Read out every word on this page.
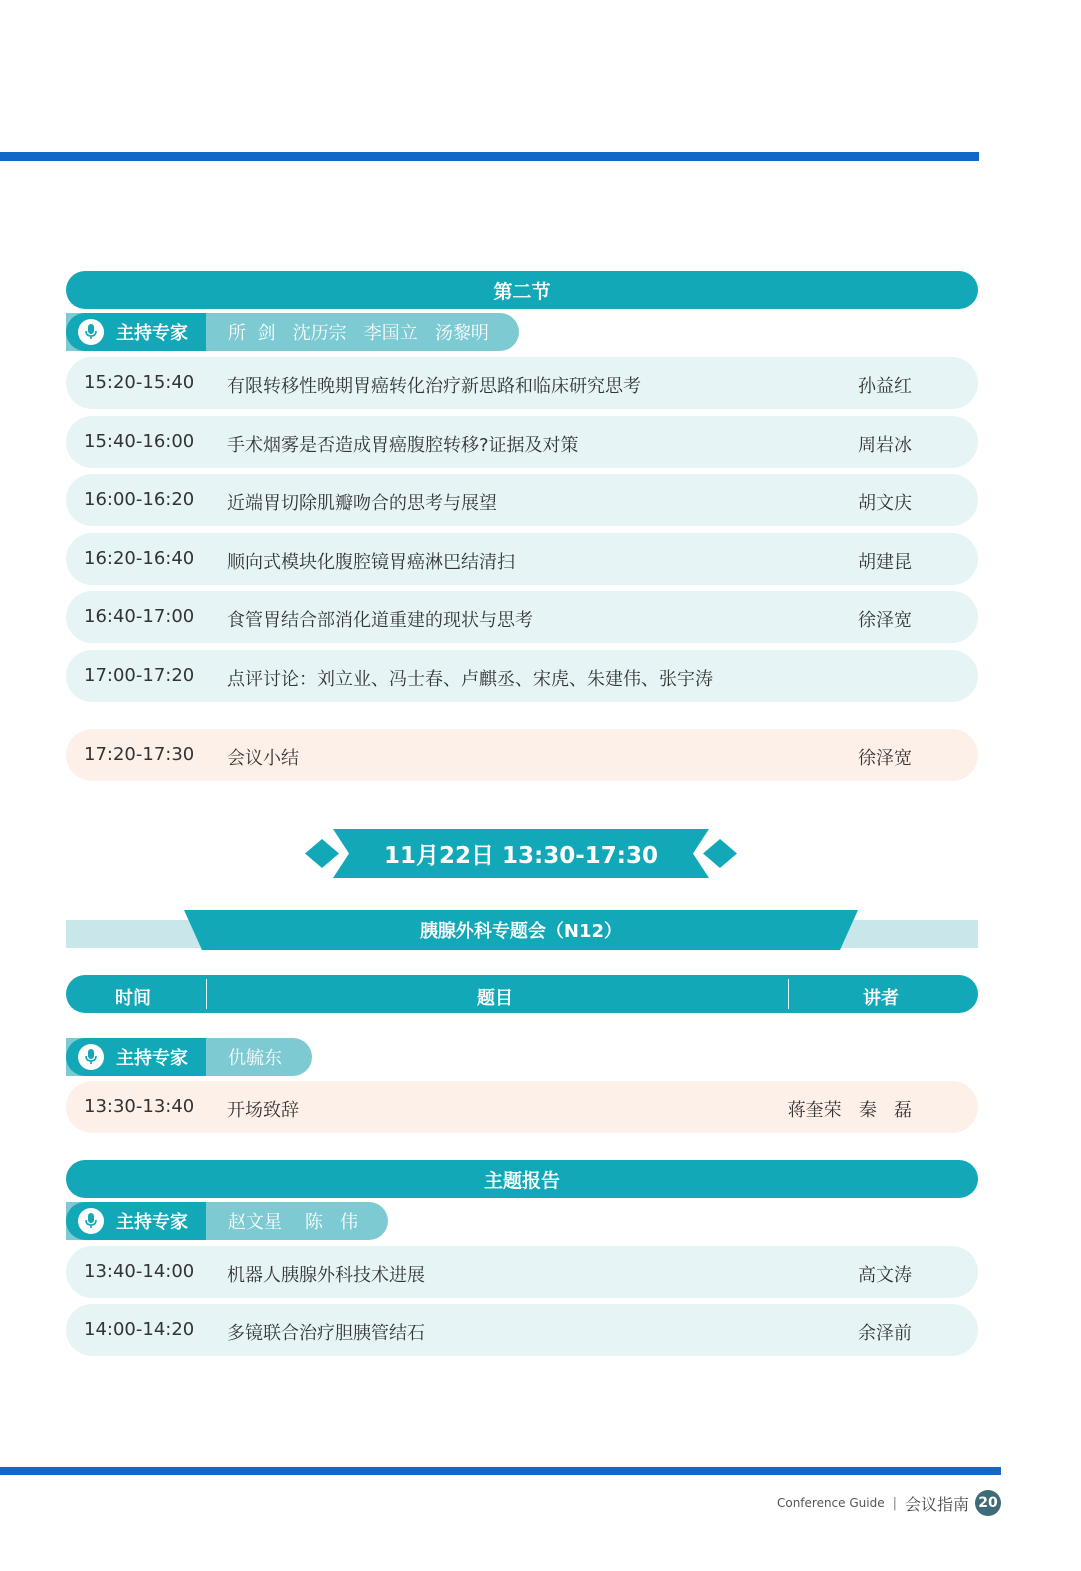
第二节
主持专家	所  剑   沈历宗   李国立   汤黎明
15:20-15:40 有限转移性晚期胃癌转化治疗新思路和临床研究思考	孙益红
15:40-16:00 手术烟雾是否造成胃癌腹腔转移?证据及对策	周岩冰
16:00-16:20 近端胃切除肌瓣吻合的思考与展望	胡文庆
16:20-16:40 顺向式模块化腹腔镜胃癌淋巴结清扫	胡建昆
16:40-17:00 食管胃结合部消化道重建的现状与思考	徐泽宽
17:00-17:20 点评讨论：刘立业、冯士春、卢麒丞、宋虎、朱建伟、张宇涛
17:20-17:30 会议小结	徐泽宽
11月22日 13:30-17:30
胰腺外科专题会（N12）
时间	题目	讲者
主持专家	仇毓东
13:30-13:40 开场致辞	蒋奎荣   秦   磊
主题报告
主持专家	赵文星    陈   伟
13:40-14:00 机器人胰腺外科技术进展	高文涛
14:00-14:20 多镜联合治疗胆胰管结石	余泽前
Conference Guide | 会议指南 20
